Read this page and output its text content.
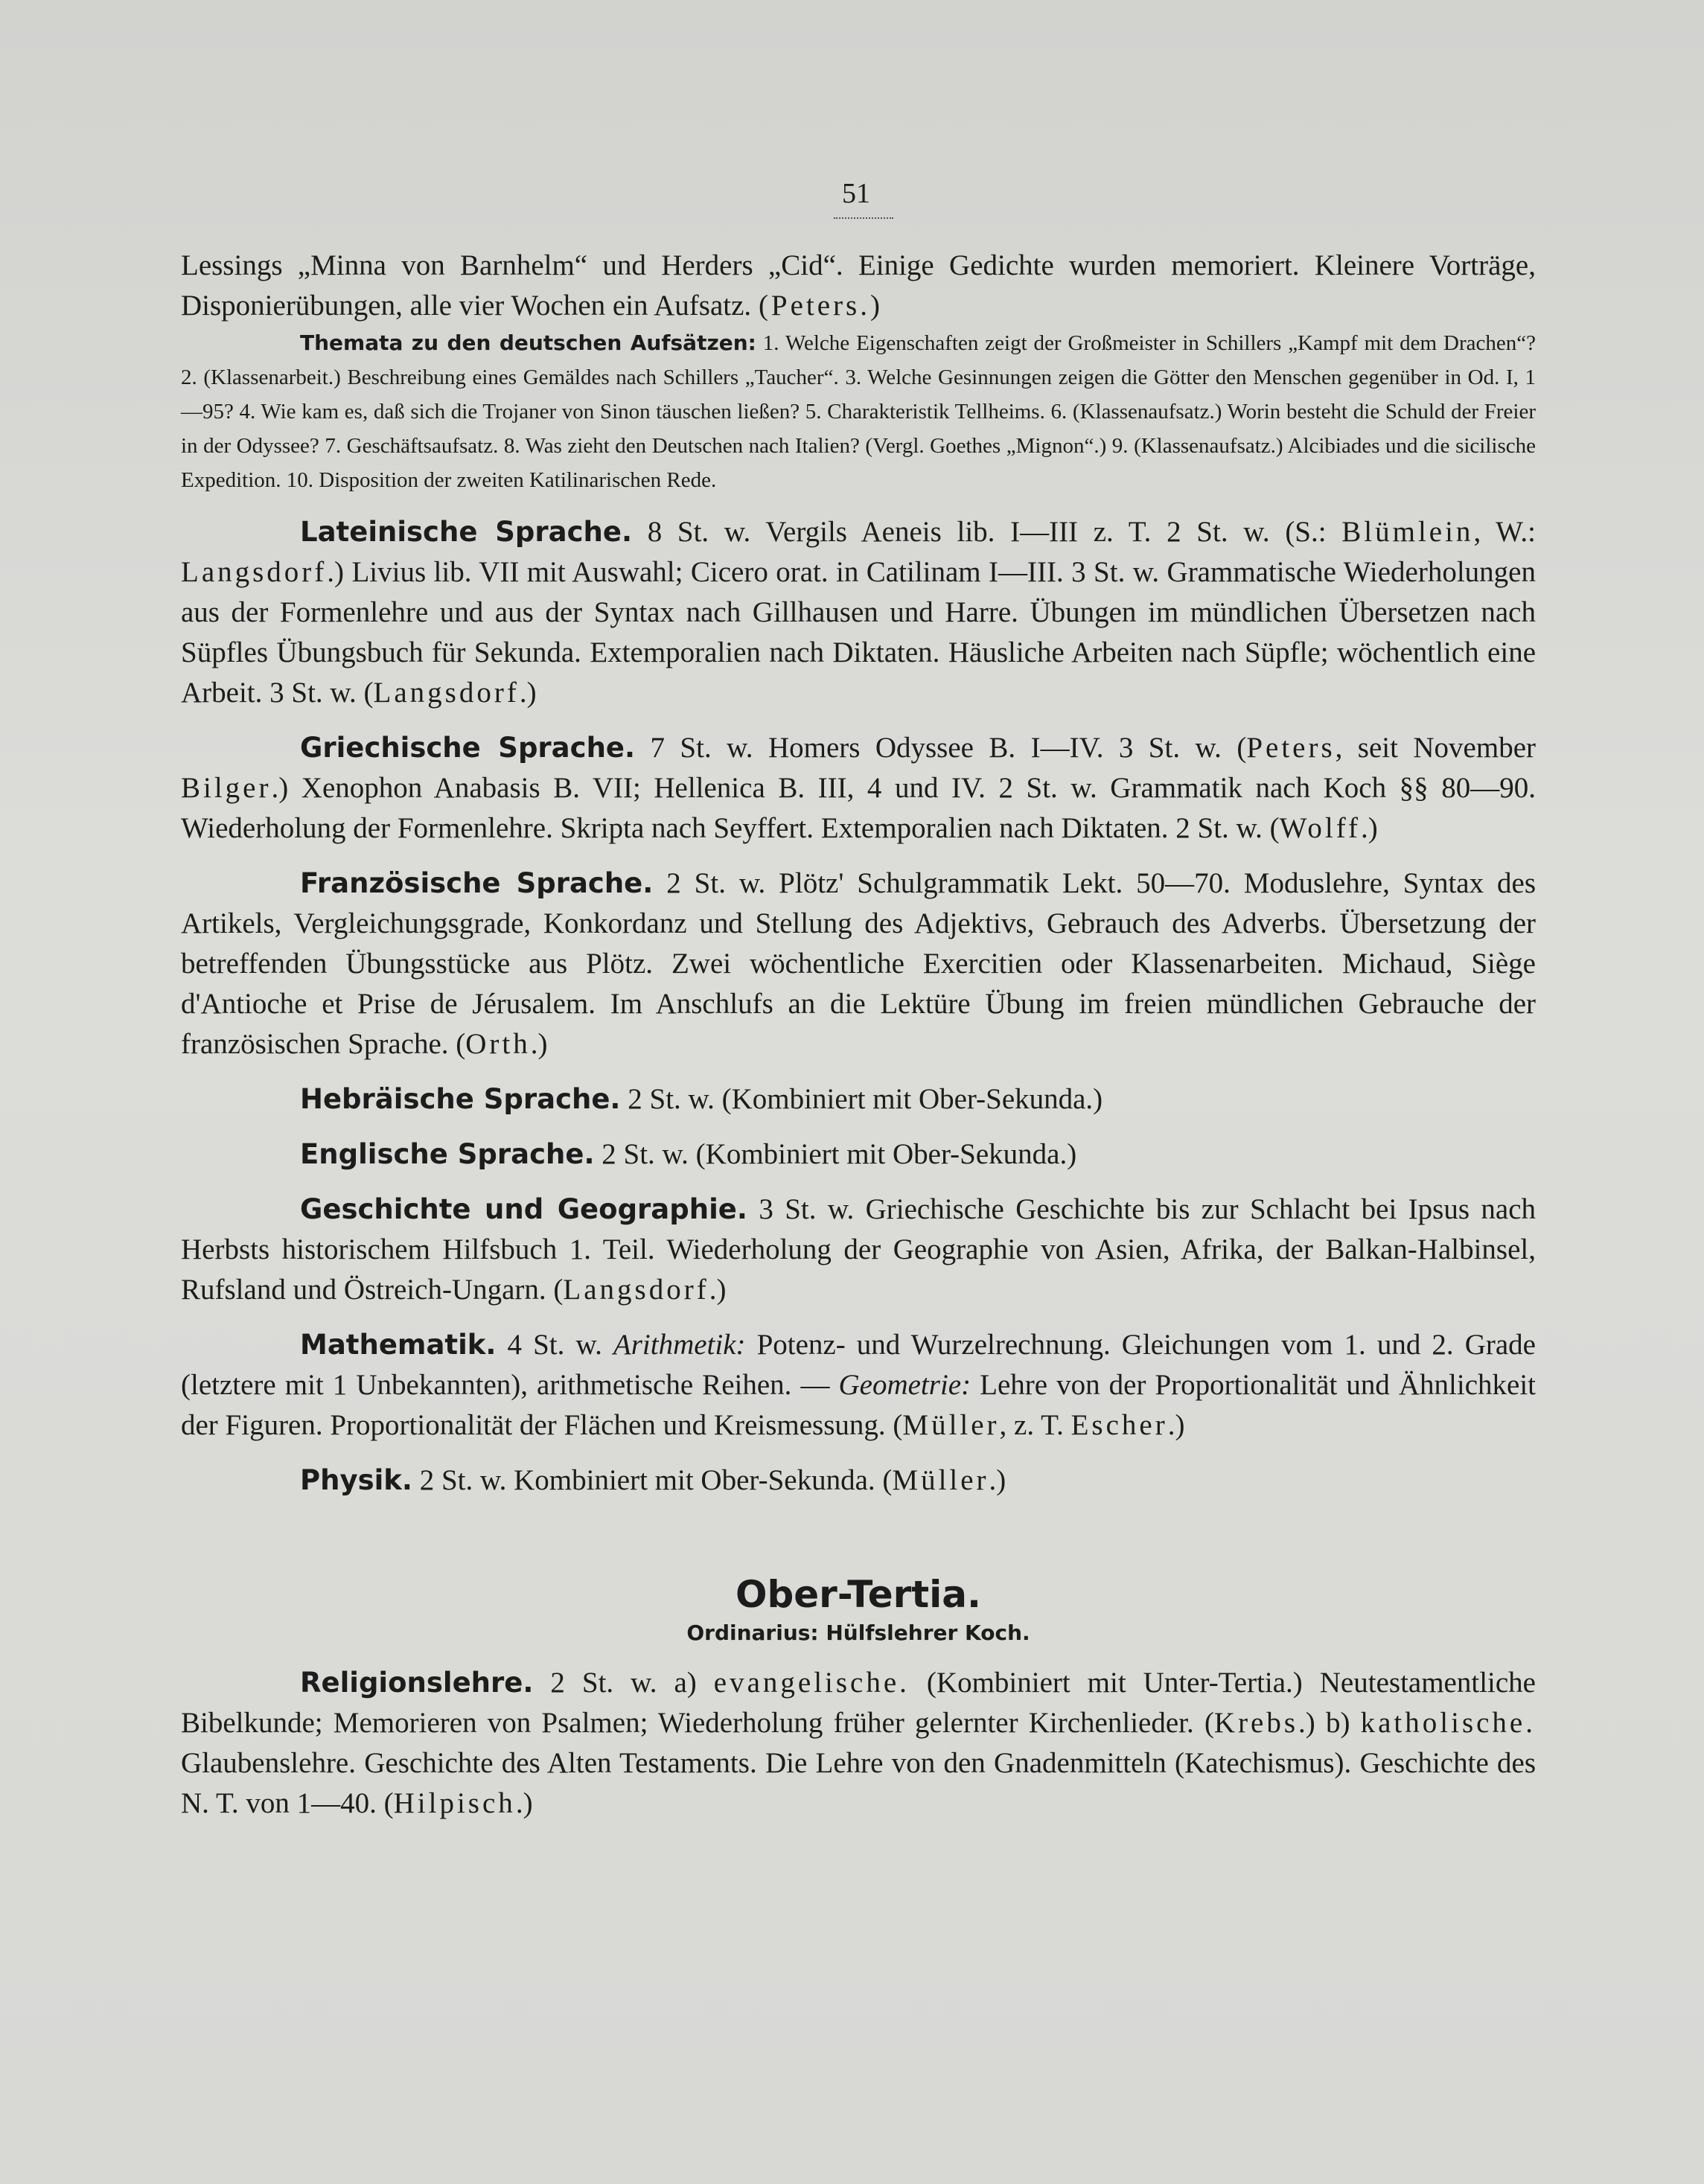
51

Lessings „Minna von Barnhelm“ und Herders „Cid“. Einige Gedichte wurden memoriert. Kleinere Vorträge, Disponierübungen, alle vier Wochen ein Aufsatz. (Peters.)

Themata zu den deutschen Aufsätzen: 1. Welche Eigenschaften zeigt der Großmeister in Schillers „Kampf mit dem Drachen“? 2. (Klassenarbeit.) Beschreibung eines Gemäldes nach Schillers „Taucher“. 3. Welche Gesinnungen zeigen die Götter den Menschen gegenüber in Od. I, 1—95? 4. Wie kam es, daß sich die Trojaner von Sinon täuschen ließen? 5. Charakteristik Tellheims. 6. (Klassenaufsatz.) Worin besteht die Schuld der Freier in der Odyssee? 7. Geschäftsaufsatz. 8. Was zieht den Deutschen nach Italien? (Vergl. Goethes „Mignon“.) 9. (Klassenaufsatz.) Alcibiades und die sicilische Expedition. 10. Disposition der zweiten Katilinarischen Rede.

Lateinische Sprache. 8 St. w. Vergils Aeneis lib. I—III z. T. 2 St. w. (S.: Blümlein, W.: Langsdorf.) Livius lib. VII mit Auswahl; Cicero orat. in Catilinam I—III. 3 St. w. Grammatische Wiederholungen aus der Formenlehre und aus der Syntax nach Gillhausen und Harre. Übungen im mündlichen Übersetzen nach Süpfles Übungsbuch für Sekunda. Extemporalien nach Diktaten. Häusliche Arbeiten nach Süpfle; wöchentlich eine Arbeit. 3 St. w. (Langsdorf.)

Griechische Sprache. 7 St. w. Homers Odyssee B. I—IV. 3 St. w. (Peters, seit November Bilger.) Xenophon Anabasis B. VII; Hellenica B. III, 4 und IV. 2 St. w. Grammatik nach Koch §§ 80—90. Wiederholung der Formenlehre. Skripta nach Seyffert. Extemporalien nach Diktaten. 2 St. w. (Wolff.)

Französische Sprache. 2 St. w. Plötz' Schulgrammatik Lekt. 50—70. Moduslehre, Syntax des Artikels, Vergleichungsgrade, Konkordanz und Stellung des Adjektivs, Gebrauch des Adverbs. Übersetzung der betreffenden Übungsstücke aus Plötz. Zwei wöchentliche Exercitien oder Klassenarbeiten. Michaud, Siège d'Antioche et Prise de Jérusalem. Im Anschlufs an die Lektüre Übung im freien mündlichen Gebrauche der französischen Sprache. (Orth.)

Hebräische Sprache. 2 St. w. (Kombiniert mit Ober-Sekunda.)

Englische Sprache. 2 St. w. (Kombiniert mit Ober-Sekunda.)

Geschichte und Geographie. 3 St. w. Griechische Geschichte bis zur Schlacht bei Ipsus nach Herbsts historischem Hilfsbuch 1. Teil. Wiederholung der Geographie von Asien, Afrika, der Balkan-Halbinsel, Rufsland und Östreich-Ungarn. (Langsdorf.)

Mathematik. 4 St. w. Arithmetik: Potenz- und Wurzelrechnung. Gleichungen vom 1. und 2. Grade (letztere mit 1 Unbekannten), arithmetische Reihen. — Geometrie: Lehre von der Proportionalität und Ähnlichkeit der Figuren. Proportionalität der Flächen und Kreismessung. (Müller, z. T. Escher.)

Physik. 2 St. w. Kombiniert mit Ober-Sekunda. (Müller.)

Ober-Tertia.
Ordinarius: Hülfslehrer Koch.

Religionslehre. 2 St. w. a) evangelische. (Kombiniert mit Unter-Tertia.) Neutestamentliche Bibelkunde; Memorieren von Psalmen; Wiederholung früher gelernter Kirchenlieder. (Krebs.) b) katholische. Glaubenslehre. Geschichte des Alten Testaments. Die Lehre von den Gnadenmitteln (Katechismus). Geschichte des N. T. von 1—40. (Hilpisch.)
